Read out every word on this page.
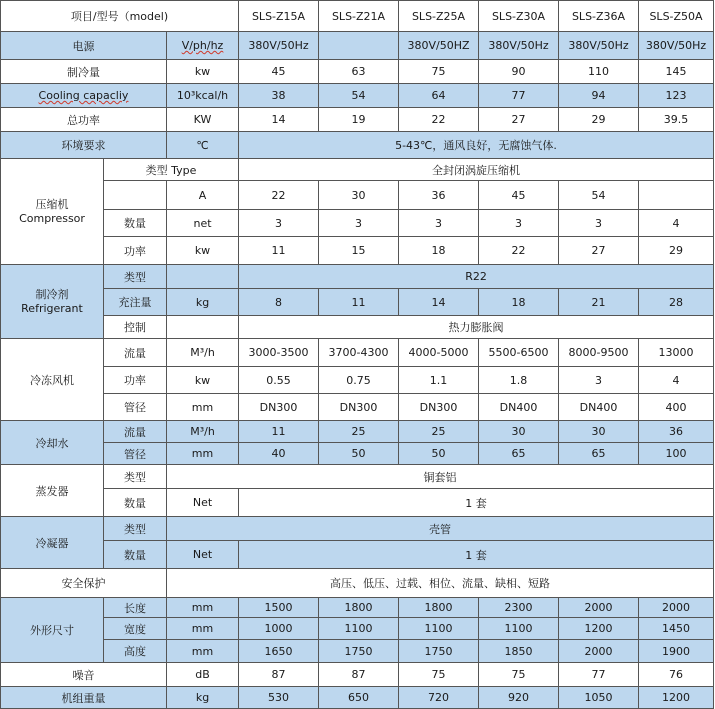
项目/型号（model)			SLS-Z15A	SLS-Z21A	SLS-Z25A	SLS-Z30A	SLS-Z36A	SLS-Z50A
电源		V/ph/hz	380V/50Hz		380V/50HZ	380V/50Hz	380V/50Hz	380V/50Hz
制冷量		kw	45	63	75	90	110	145
Cooling capacliy		10³kcal/h	38	54	64	77	94	123
总功率		KW	14	19	22	27	29	39.5
环境要求		℃	5-43℃，通风良好，无腐蚀气体.					
压缩机
Compressor	类型 Type		全封闭涡旋压缩机					
		A	22	30	36	45	54	
	数量	net	3	3	3	3	3	4
	功率	kw	11	15	18	22	27	29
制冷剂
Refrigerant	类型		R22					
	充注量	kg	8	11	14	18	21	28
	控制		热力膨胀阀					
冷冻风机	流量	M³/h	3000-3500	3700-4300	4000-5000	5500-6500	8000-9500	13000
	功率	kw	0.55	0.75	1.1	1.8	3	4
	管径	mm	DN300	DN300	DN300	DN400	DN400	400
冷却水	流量	M³/h	11	25	25	30	30	36
	管径	mm	40	50	50	65	65	100
蒸发器	类型	铜套铝						
	数量	Net	1 套					
冷凝器	类型	壳管						
	数量	Net	1 套					
安全保护		高压、低压、过载、相位、流量、缺相、短路						
外形尺寸	长度	mm	1500	1800	1800	2300	2000	2000
	宽度	mm	1000	1100	1100	1100	1200	1450
	高度	mm	1650	1750	1750	1850	2000	1900
噪音		dB	87	87	75	75	77	76
机组重量		kg	530	650	720	920	1050	1200
